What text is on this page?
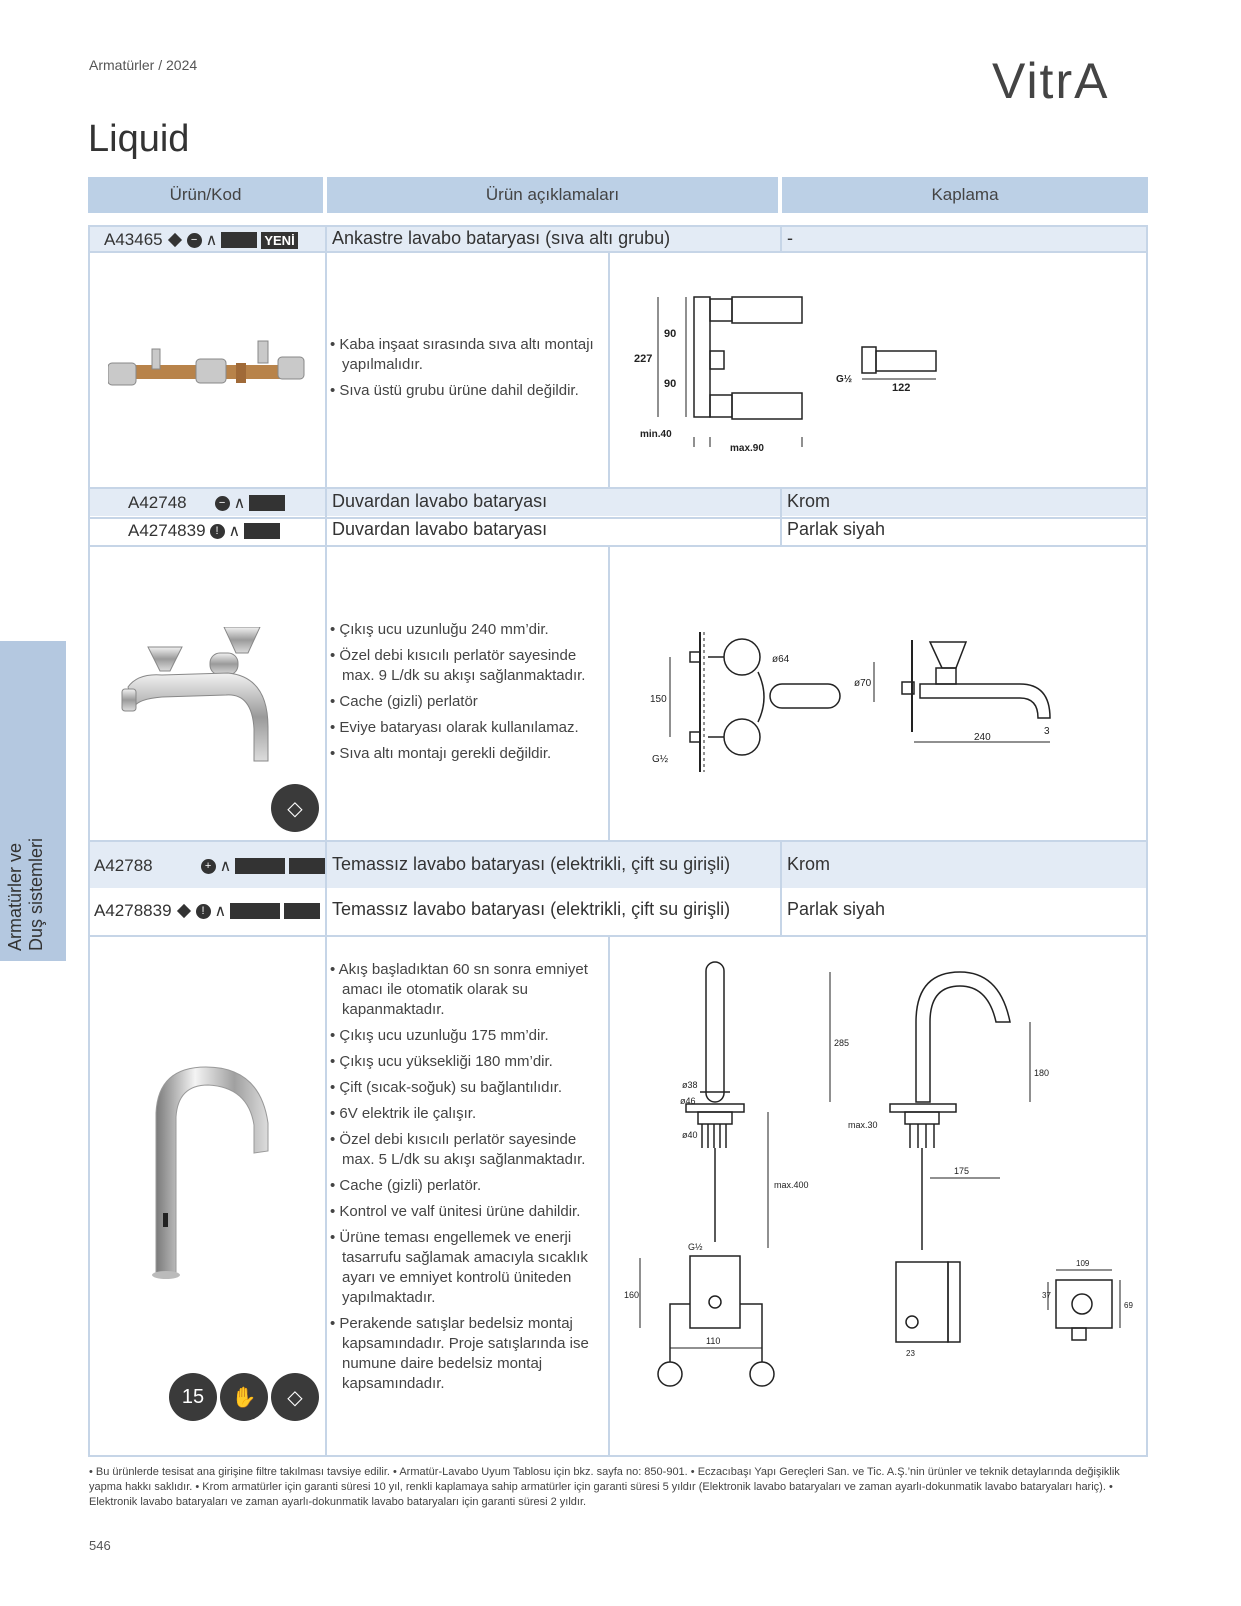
Armatürler / 2024	VitrA
Liquid
Ürün/Kod	Ürün açıklamaları	Kaplama
Armatürler ve Duş sistemleri
A43465	− ∧	YENİ Ankastre lavabo bataryası (sıva altı grubu)	-
• Kaba inşaat sırasında sıva altı montajı yapılmalıdır.
• Sıva üstü grubu ürüne dahil değildir.
227
90
90
min.40
max.90
G½
122
A42748	− ∧	Duvardan lavabo bataryası	Krom
A4274839 ! ∧	Duvardan lavabo bataryası	Parlak siyah
◇
• Çıkış ucu uzunluğu 240 mm’dir.
• Özel debi kısıcılı perlatör sayesinde max. 9 L/dk su akışı sağlanmaktadır.
• Cache (gizli) perlatör
• Eviye bataryası olarak kullanılamaz.
• Sıva altı montajı gerekli değildir.
ø64
150
G½
ø70
240
3
A42788	+ ∧	Temassız lavabo bataryası (elektrikli, çift su girişli)	Krom
A4278839	! ∧	Temassız lavabo bataryası (elektrikli, çift su girişli)	Parlak siyah
15	✋	◇
• Akış başladıktan 60 sn sonra emniyet amacı ile otomatik olarak su kapanmaktadır.
• Çıkış ucu uzunluğu 175 mm’dir.
• Çıkış ucu yüksekliği 180 mm’dir.
• Çift (sıcak-soğuk) su bağlantılıdır.
• 6V elektrik ile çalışır.
• Özel debi kısıcılı perlatör sayesinde max. 5 L/dk su akışı sağlanmaktadır.
• Cache (gizli) perlatör.
• Kontrol ve valf ünitesi ürüne dahildir.
• Ürüne teması engellemek ve enerji tasarrufu sağlamak amacıyla sıcaklık ayarı ve emniyet kontrolü üniteden yapılmaktadır.
• Perakende satışlar bedelsiz montaj kapsamındadır. Proje satışlarında ise numune daire bedelsiz montaj kapsamındadır.
ø38
ø46
ø40
max.400
G½
160
110
285
180
max.30
175
23
109
37
69
• Bu ürünlerde tesisat ana girişine filtre takılması tavsiye edilir. • Armatür-Lavabo Uyum Tablosu için bkz. sayfa no: 850-901. • Eczacıbaşı Yapı Gereçleri San. ve Tic. A.Ş.’nin ürünler ve teknik detaylarında değişiklik yapma hakkı saklıdır. • Krom armatürler için garanti süresi 10 yıl, renkli kaplamaya sahip armatürler için garanti süresi 5 yıldır (Elektronik lavabo bataryaları ve zaman ayarlı-dokunmatik lavabo bataryaları hariç). • Elektronik lavabo bataryaları ve zaman ayarlı-dokunmatik lavabo bataryaları için garanti süresi 2 yıldır.
546
